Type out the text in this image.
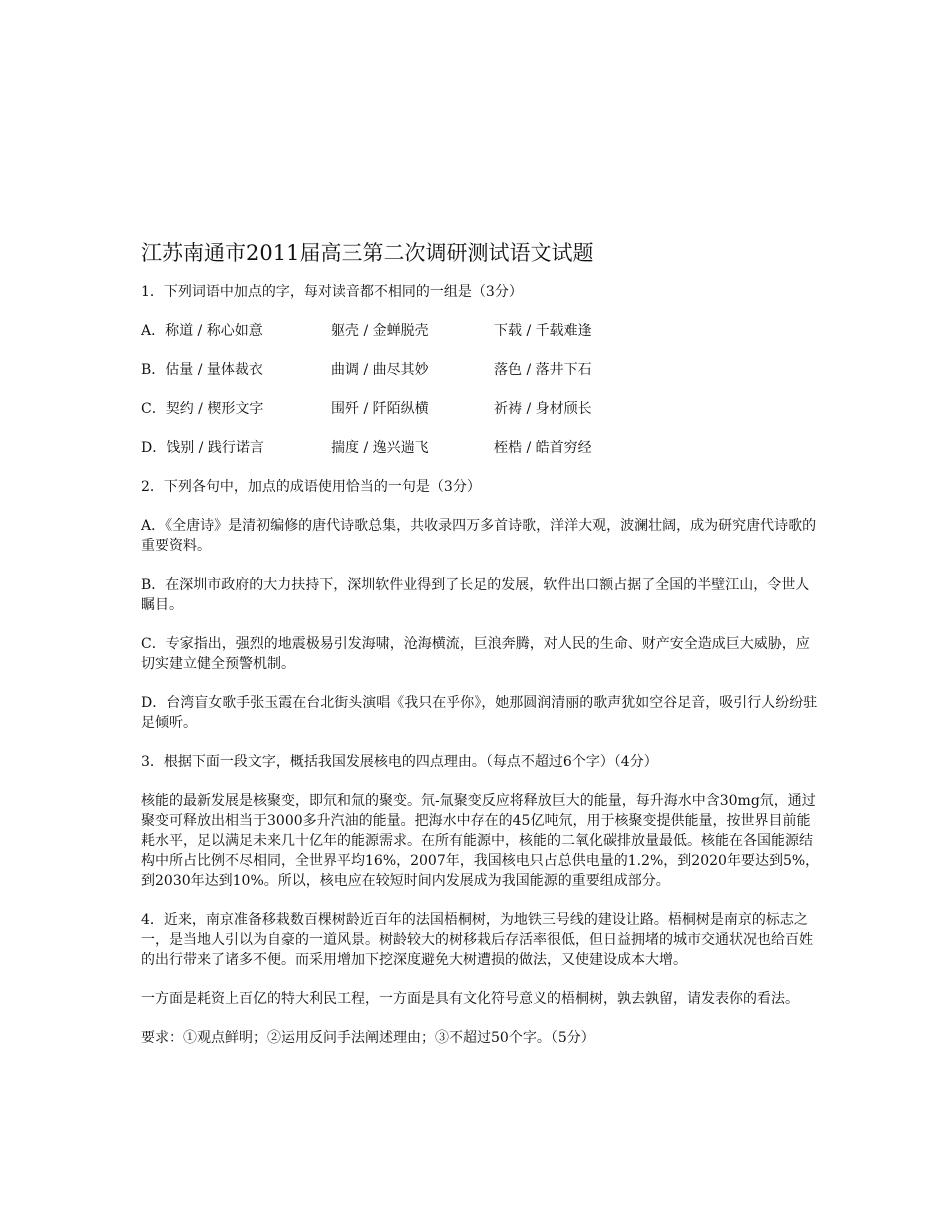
江苏南通市2011届高三第二次调研测试语文试题

1．下列词语中加点的字，每对读音都不相同的一组是（3分）

A．称道 / 称心如意	躯壳 / 金蝉脱壳	下载 / 千载难逢
B．估量 / 量体裁衣	曲调 / 曲尽其妙	落色 / 落井下石
C．契约 / 楔形文字	围歼 / 阡陌纵横	祈祷 / 身材颀长
D．饯别 / 践行诺言	揣度 / 逸兴遄飞	桎梏 / 皓首穷经

2．下列各句中，加点的成语使用恰当的一句是（3分）

A．《全唐诗》是清初编修的唐代诗歌总集，共收录四万多首诗歌，洋洋大观，波澜壮阔，成为研究唐代诗歌的重要资料。

B．在深圳市政府的大力扶持下，深圳软件业得到了长足的发展，软件出口额占据了全国的半壁江山，令世人瞩目。

C．专家指出，强烈的地震极易引发海啸，沧海横流，巨浪奔腾，对人民的生命、财产安全造成巨大威胁，应切实建立健全预警机制。

D．台湾盲女歌手张玉霞在台北街头演唱《我只在乎你》，她那圆润清丽的歌声犹如空谷足音，吸引行人纷纷驻足倾听。

3．根据下面一段文字，概括我国发展核电的四点理由。（每点不超过6个字）（4分）

核能的最新发展是核聚变，即氘和氚的聚变。氘-氚聚变反应将释放巨大的能量，每升海水中含30mg氘，通过聚变可释放出相当于3000多升汽油的能量。把海水中存在的45亿吨氘，用于核聚变提供能量，按世界目前能耗水平，足以满足未来几十亿年的能源需求。在所有能源中，核能的二氧化碳排放量最低。核能在各国能源结构中所占比例不尽相同，全世界平均16%，2007年，我国核电只占总供电量的1.2%，到2020年要达到5%，到2030年达到10%。所以，核电应在较短时间内发展成为我国能源的重要组成部分。

4．近来，南京准备移栽数百棵树龄近百年的法国梧桐树，为地铁三号线的建设让路。梧桐树是南京的标志之一，是当地人引以为自豪的一道风景。树龄较大的树移栽后存活率很低，但日益拥堵的城市交通状况也给百姓的出行带来了诸多不便。而采用增加下挖深度避免大树遭损的做法，又使建设成本大增。

一方面是耗资上百亿的特大利民工程，一方面是具有文化符号意义的梧桐树，孰去孰留，请发表你的看法。

要求：①观点鲜明；②运用反问手法阐述理由；③不超过50个字。（5分）
